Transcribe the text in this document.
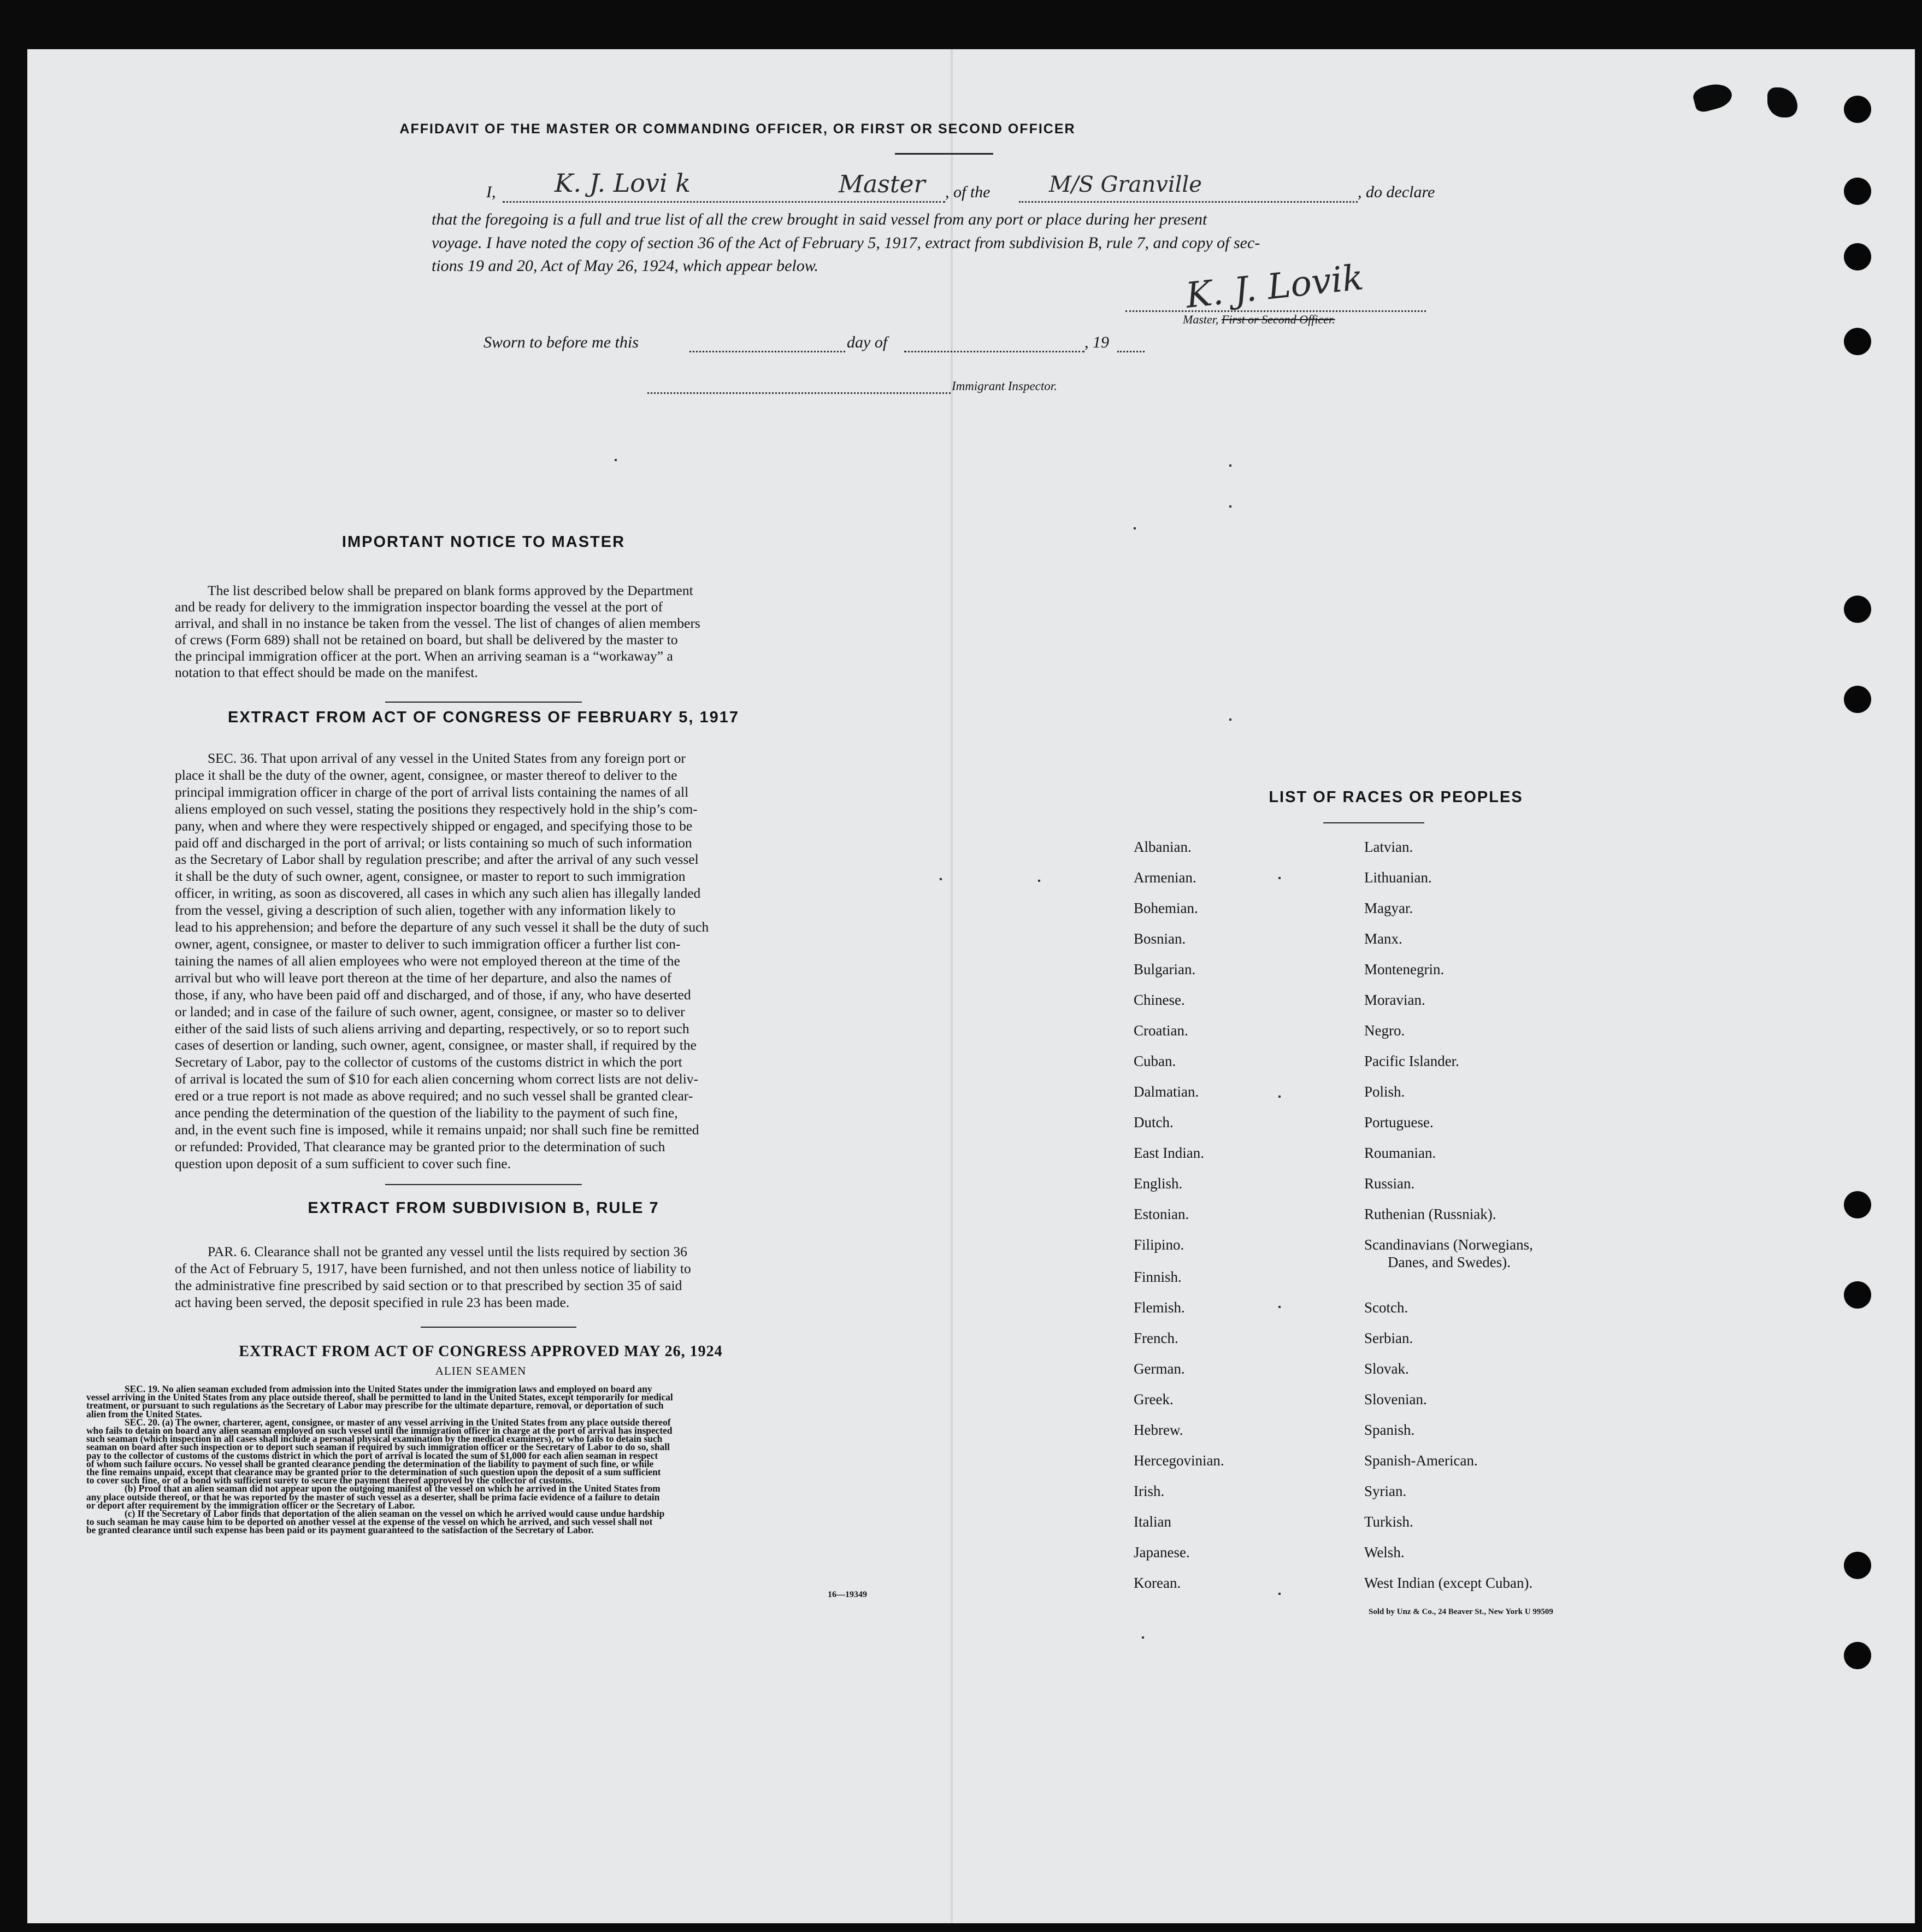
AFFIDAVIT OF THE MASTER OR COMMANDING OFFICER, OR FIRST OR SECOND OFFICER
I, K. J. Lovi k	Master , of the	M/S Granville	, do declare
that the foregoing is a full and true list of all the crew brought in said vessel from any port or place during her present
voyage. I have noted the copy of section 36 of the Act of February 5, 1917, extract from subdivision B, rule 7, and copy of sec-
tions 19 and 20, Act of May 26, 1924, which appear below.	K. J. Lovik
Master, First or Second Officer.
Sworn to before me this	day of	, 19
Immigrant Inspector.
IMPORTANT NOTICE TO MASTER
The list described below shall be prepared on blank forms approved by the Department
and be ready for delivery to the immigration inspector boarding the vessel at the port of
arrival, and shall in no instance be taken from the vessel. The list of changes of alien members
of crews (Form 689) shall not be retained on board, but shall be delivered by the master to
the principal immigration officer at the port. When an arriving seaman is a “workaway” a
notation to that effect should be made on the manifest.
EXTRACT FROM ACT OF CONGRESS OF FEBRUARY 5, 1917
SEC. 36. That upon arrival of any vessel in the United States from any foreign port or
place it shall be the duty of the owner, agent, consignee, or master thereof to deliver to the
principal immigration officer in charge of the port of arrival lists containing the names of all
aliens employed on such vessel, stating the positions they respectively hold in the ship’s com-
pany, when and where they were respectively shipped or engaged, and specifying those to be
paid off and discharged in the port of arrival; or lists containing so much of such information
as the Secretary of Labor shall by regulation prescribe; and after the arrival of any such vessel
it shall be the duty of such owner, agent, consignee, or master to report to such immigration
officer, in writing, as soon as discovered, all cases in which any such alien has illegally landed
from the vessel, giving a description of such alien, together with any information likely to
lead to his apprehension; and before the departure of any such vessel it shall be the duty of such
owner, agent, consignee, or master to deliver to such immigration officer a further list con-
taining the names of all alien employees who were not employed thereon at the time of the
arrival but who will leave port thereon at the time of her departure, and also the names of
those, if any, who have been paid off and discharged, and of those, if any, who have deserted
or landed; and in case of the failure of such owner, agent, consignee, or master so to deliver
either of the said lists of such aliens arriving and departing, respectively, or so to report such
cases of desertion or landing, such owner, agent, consignee, or master shall, if required by the
Secretary of Labor, pay to the collector of customs of the customs district in which the port
of arrival is located the sum of $10 for each alien concerning whom correct lists are not deliv-
ered or a true report is not made as above required; and no such vessel shall be granted clear-
ance pending the determination of the question of the liability to the payment of such fine,
and, in the event such fine is imposed, while it remains unpaid; nor shall such fine be remitted
or refunded: Provided, That clearance may be granted prior to the determination of such
question upon deposit of a sum sufficient to cover such fine.
EXTRACT FROM SUBDIVISION B, RULE 7
PAR. 6. Clearance shall not be granted any vessel until the lists required by section 36
of the Act of February 5, 1917, have been furnished, and not then unless notice of liability to
the administrative fine prescribed by said section or to that prescribed by section 35 of said
act having been served, the deposit specified in rule 23 has been made.
EXTRACT FROM ACT OF CONGRESS APPROVED MAY 26, 1924
ALIEN SEAMEN
SEC. 19. No alien seaman excluded from admission into the United States under the immigration laws and employed on board any
vessel arriving in the United States from any place outside thereof, shall be permitted to land in the United States, except temporarily for medical
treatment, or pursuant to such regulations as the Secretary of Labor may prescribe for the ultimate departure, removal, or deportation of such
alien from the United States.
SEC. 20. (a) The owner, charterer, agent, consignee, or master of any vessel arriving in the United States from any place outside thereof
who fails to detain on board any alien seaman employed on such vessel until the immigration officer in charge at the port of arrival has inspected
such seaman (which inspection in all cases shall include a personal physical examination by the medical examiners), or who fails to detain such
seaman on board after such inspection or to deport such seaman if required by such immigration officer or the Secretary of Labor to do so, shall
pay to the collector of customs of the customs district in which the port of arrival is located the sum of $1,000 for each alien seaman in respect
of whom such failure occurs. No vessel shall be granted clearance pending the determination of the liability to payment of such fine, or while
the fine remains unpaid, except that clearance may be granted prior to the determination of such question upon the deposit of a sum sufficient
to cover such fine, or of a bond with sufficient surety to secure the payment thereof approved by the collector of customs.
(b) Proof that an alien seaman did not appear upon the outgoing manifest of the vessel on which he arrived in the United States from
any place outside thereof, or that he was reported by the master of such vessel as a deserter, shall be prima facie evidence of a failure to detain
or deport after requirement by the immigration officer or the Secretary of Labor.
(c) If the Secretary of Labor finds that deportation of the alien seaman on the vessel on which he arrived would cause undue hardship
to such seaman he may cause him to be deported on another vessel at the expense of the vessel on which he arrived, and such vessel shall not
be granted clearance until such expense has been paid or its payment guaranteed to the satisfaction of the Secretary of Labor.
16—19349
LIST OF RACES OR PEOPLES
Albanian.
Armenian.
Bohemian.
Bosnian.
Bulgarian.
Chinese.
Croatian.
Cuban.
Dalmatian.
Dutch.
East Indian.
English.
Estonian.
Filipino.
Finnish.
Flemish.
French.
German.
Greek.
Hebrew.
Hercegovinian.
Irish.
Italian
Japanese.
Korean.
Latvian.
Lithuanian.
Magyar.
Manx.
Montenegrin.
Moravian.
Negro.
Pacific Islander.
Polish.
Portuguese.
Roumanian.
Russian.
Ruthenian (Russniak).
Scandinavians (Norwegians,
Danes, and Swedes).
Scotch.
Serbian.
Slovak.
Slovenian.
Spanish.
Spanish-American.
Syrian.
Turkish.
Welsh.
West Indian (except Cuban).
Sold by Unz & Co., 24 Beaver St., New York U 99509
